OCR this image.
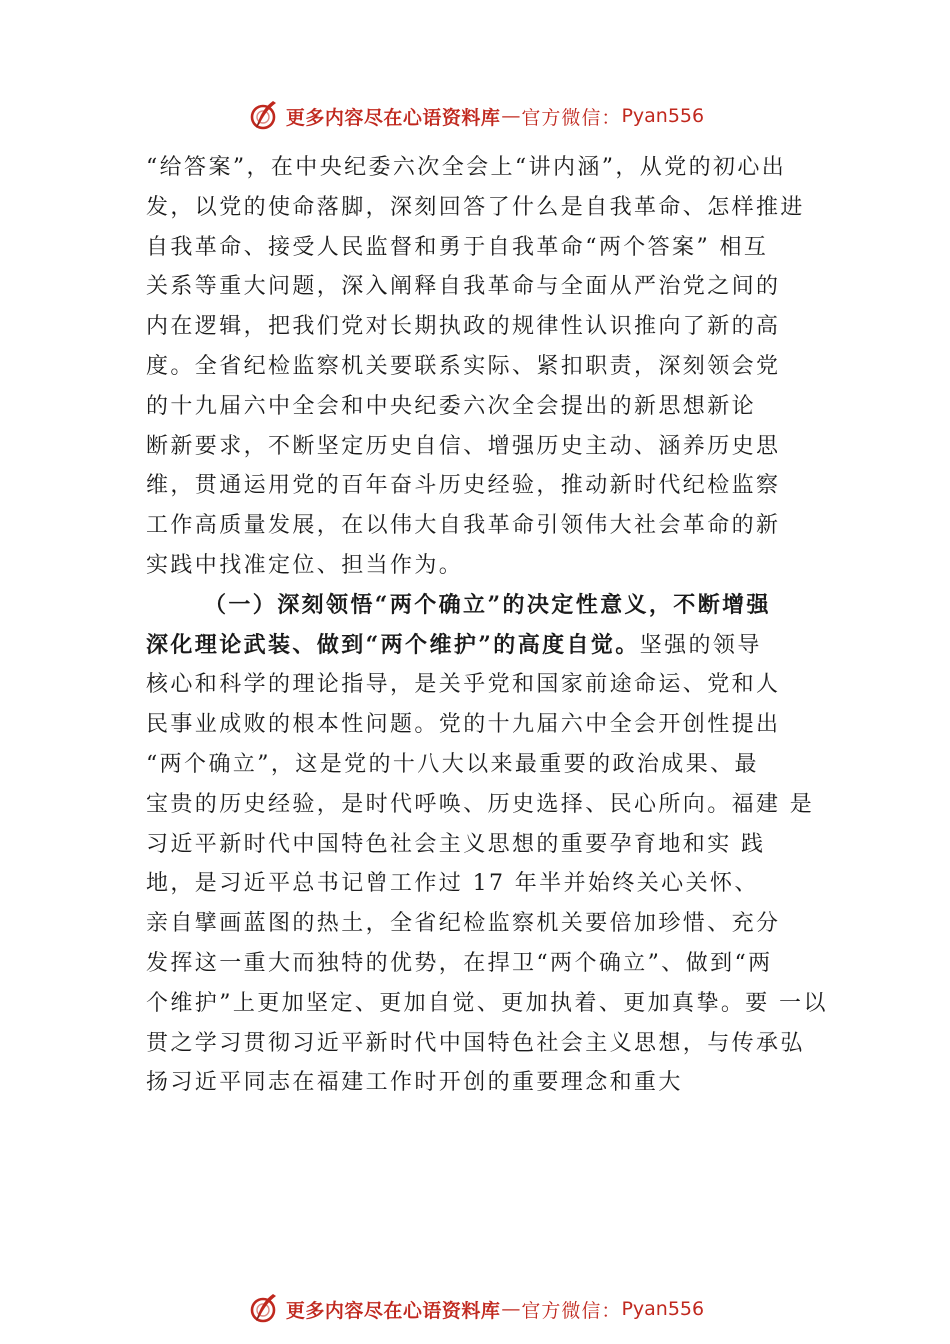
更多内容尽在心语资料库 — 官方微信： Pyan556
“给答案”，在中央纪委六次全会上“讲内涵”，从党的初心出
发，以党的使命落脚，深刻回答了什么是自我革命、怎样推进
自我革命、接受人民监督和勇于自我革命“两个答案” 相互
关系等重大问题，深入阐释自我革命与全面从严治党之间的
内在逻辑，把我们党对长期执政的规律性认识推向了新的高
度。全省纪检监察机关要联系实际、紧扣职责，深刻领会党
的十九届六中全会和中央纪委六次全会提出的新思想新论
断新要求，不断坚定历史自信、增强历史主动、涵养历史思
维，贯通运用党的百年奋斗历史经验，推动新时代纪检监察
工作高质量发展，在以伟大自我革命引领伟大社会革命的新
实践中找准定位、担当作为。
（一）深刻领悟“两个确立”的决定性意义，不断增强
深化理论武装、做到“两个维护”的高度自觉。坚强的领导
核心和科学的理论指导，是关乎党和国家前途命运、党和人
民事业成败的根本性问题。党的十九届六中全会开创性提出
“两个确立”，这是党的十八大以来最重要的政治成果、最
宝贵的历史经验，是时代呼唤、历史选择、民心所向。福建 是
习近平新时代中国特色社会主义思想的重要孕育地和实 践
地，是习近平总书记曾工作过 17 年半并始终关心关怀、
亲自擘画蓝图的热土，全省纪检监察机关要倍加珍惜、充分
发挥这一重大而独特的优势，在捍卫“两个确立”、做到“两
个维护”上更加坚定、更加自觉、更加执着、更加真挚。要 一以
贯之学习贯彻习近平新时代中国特色社会主义思想，与传承弘
扬习近平同志在福建工作时开创的重要理念和重大
更多内容尽在心语资料库 — 官方微信： Pyan556
